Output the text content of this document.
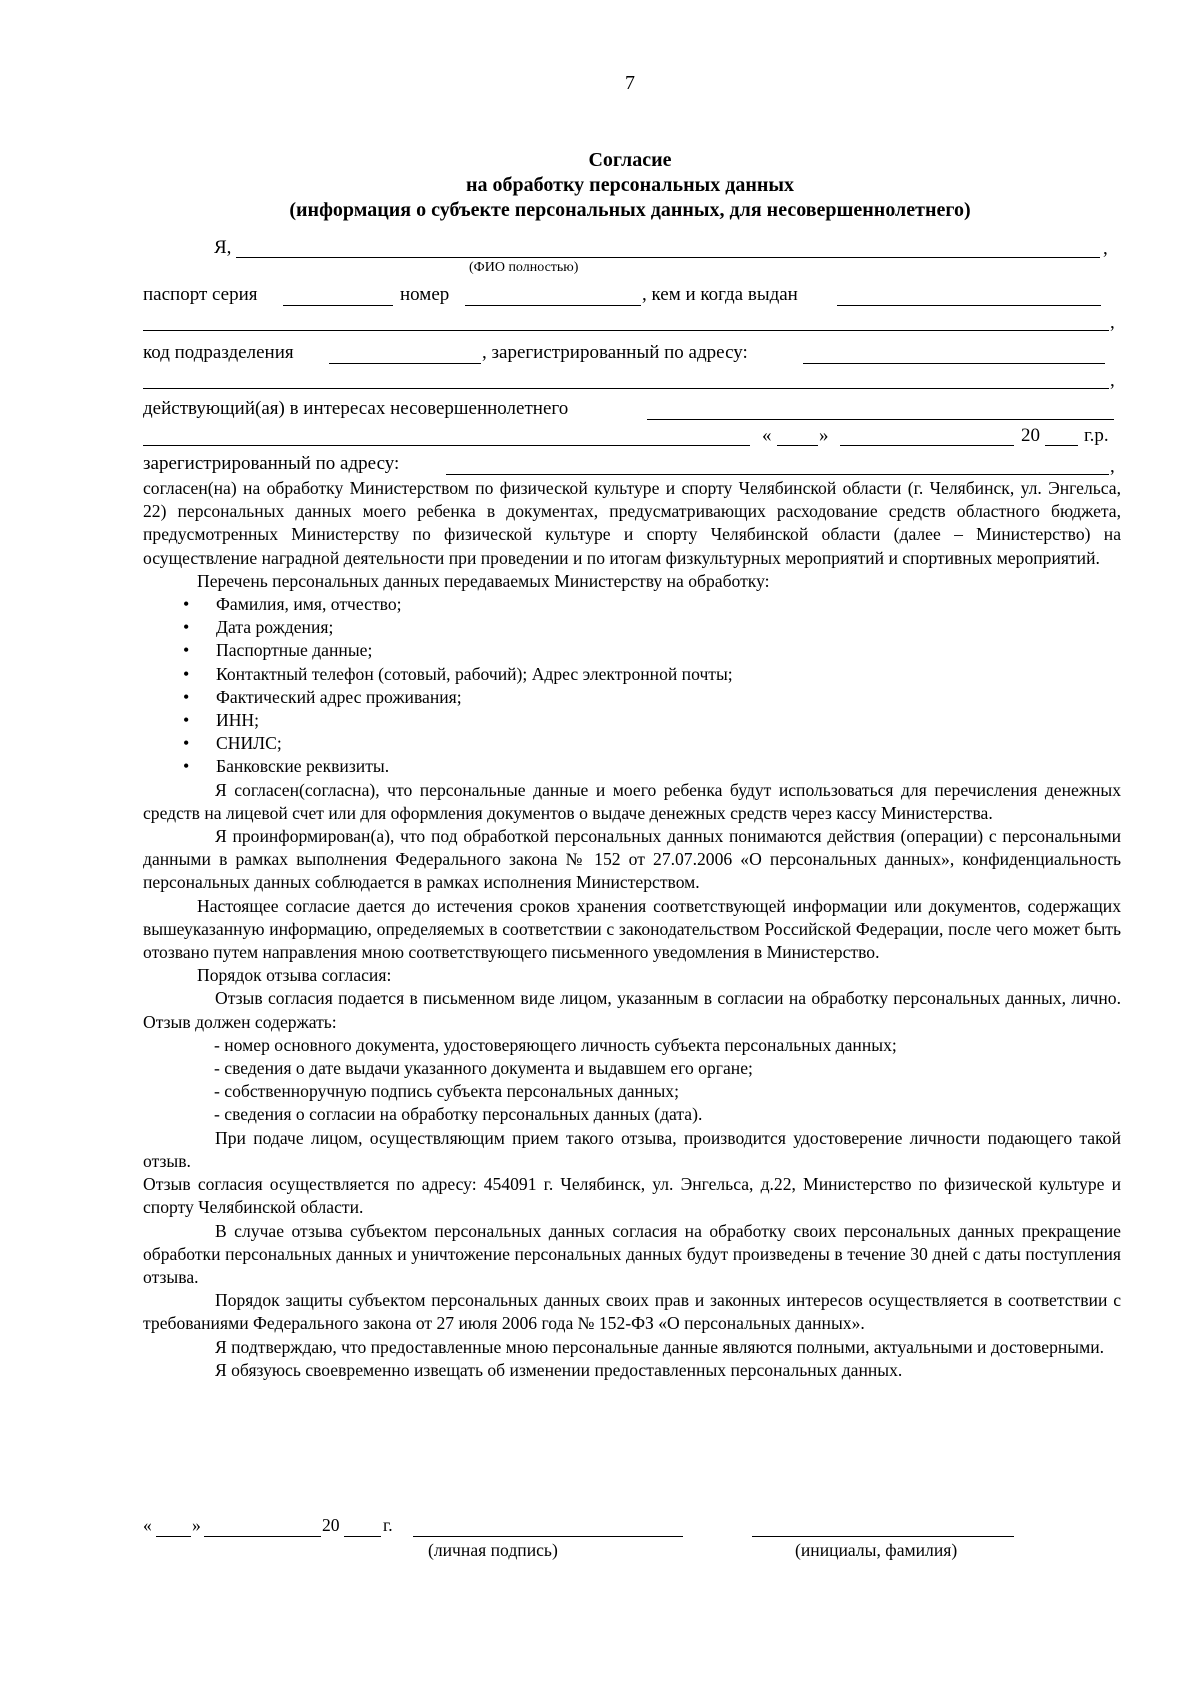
7
Согласие
на обработку персональных данных
(информация о субъекте персональных данных, для несовершеннолетнего)
Я,	,
(ФИО полностью)
паспорт серия	номер	, кем и когда выдан
,
код подразделения	, зарегистрированный по адресу:
,
действующий(ая) в интересах несовершеннолетнего
«	»	20 г.р.
зарегистрированный по адресу:	,

согласен(на) на обработку Министерством по физической культуре и спорту Челябинской области (г. Челябинск, ул. Энгельса, 22) персональных данных моего ребенка в документах, предусматривающих расходование средств областного бюджета, предусмотренных Министерству по физической культуре и спорту Челябинской области (далее – Министерство) на осуществление наградной деятельности при проведении и по итогам физкультурных мероприятий и спортивных мероприятий.

Перечень персональных данных передаваемых Министерству на обработку:

• Фамилия, имя, отчество;
• Дата рождения;
• Паспортные данные;
• Контактный телефон (сотовый, рабочий); Адрес электронной почты;
• Фактический адрес проживания;
• ИНН;
• СНИЛС;
• Банковские реквизиты.

Я согласен(согласна), что персональные данные и моего ребенка будут использоваться для перечисления денежных средств на лицевой счет или для оформления документов о выдаче денежных средств через кассу Министерства.

Я проинформирован(а), что под обработкой персональных данных понимаются действия (операции) с персональными данными в рамках выполнения Федерального закона № 152 от 27.07.2006 «О персональных данных», конфиденциальность персональных данных соблюдается в рамках исполнения Министерством.

Настоящее согласие дается до истечения сроков хранения соответствующей информации или документов, содержащих вышеуказанную информацию, определяемых в соответствии с законодательством Российской Федерации, после чего может быть отозвано путем направления мною соответствующего письменного уведомления в Министерство.

Порядок отзыва согласия:

Отзыв согласия подается в письменном виде лицом, указанным в согласии на обработку персональных данных, лично. Отзыв должен содержать:

- номер основного документа, удостоверяющего личность субъекта персональных данных;

- сведения о дате выдачи указанного документа и выдавшем его органе;

- собственноручную подпись субъекта персональных данных;

- сведения о согласии на обработку персональных данных (дата).

При подаче лицом, осуществляющим прием такого отзыва, производится удостоверение личности подающего такой отзыв.

Отзыв согласия осуществляется по адресу: 454091 г. Челябинск, ул. Энгельса, д.22, Министерство по физической культуре и спорту Челябинской области.

В случае отзыва субъектом персональных данных согласия на обработку своих персональных данных прекращение обработки персональных данных и уничтожение персональных данных будут произведены в течение 30 дней с даты поступления отзыва.

Порядок защиты субъектом персональных данных своих прав и законных интересов осуществляется в соответствии с требованиями Федерального закона от 27 июля 2006 года № 152-ФЗ «О персональных данных».

Я подтверждаю, что предоставленные мною персональные данные являются полными, актуальными и достоверными.

Я обязуюсь своевременно извещать об изменении предоставленных персональных данных.

« »	20 г.
(личная подпись)	(инициалы, фамилия)
